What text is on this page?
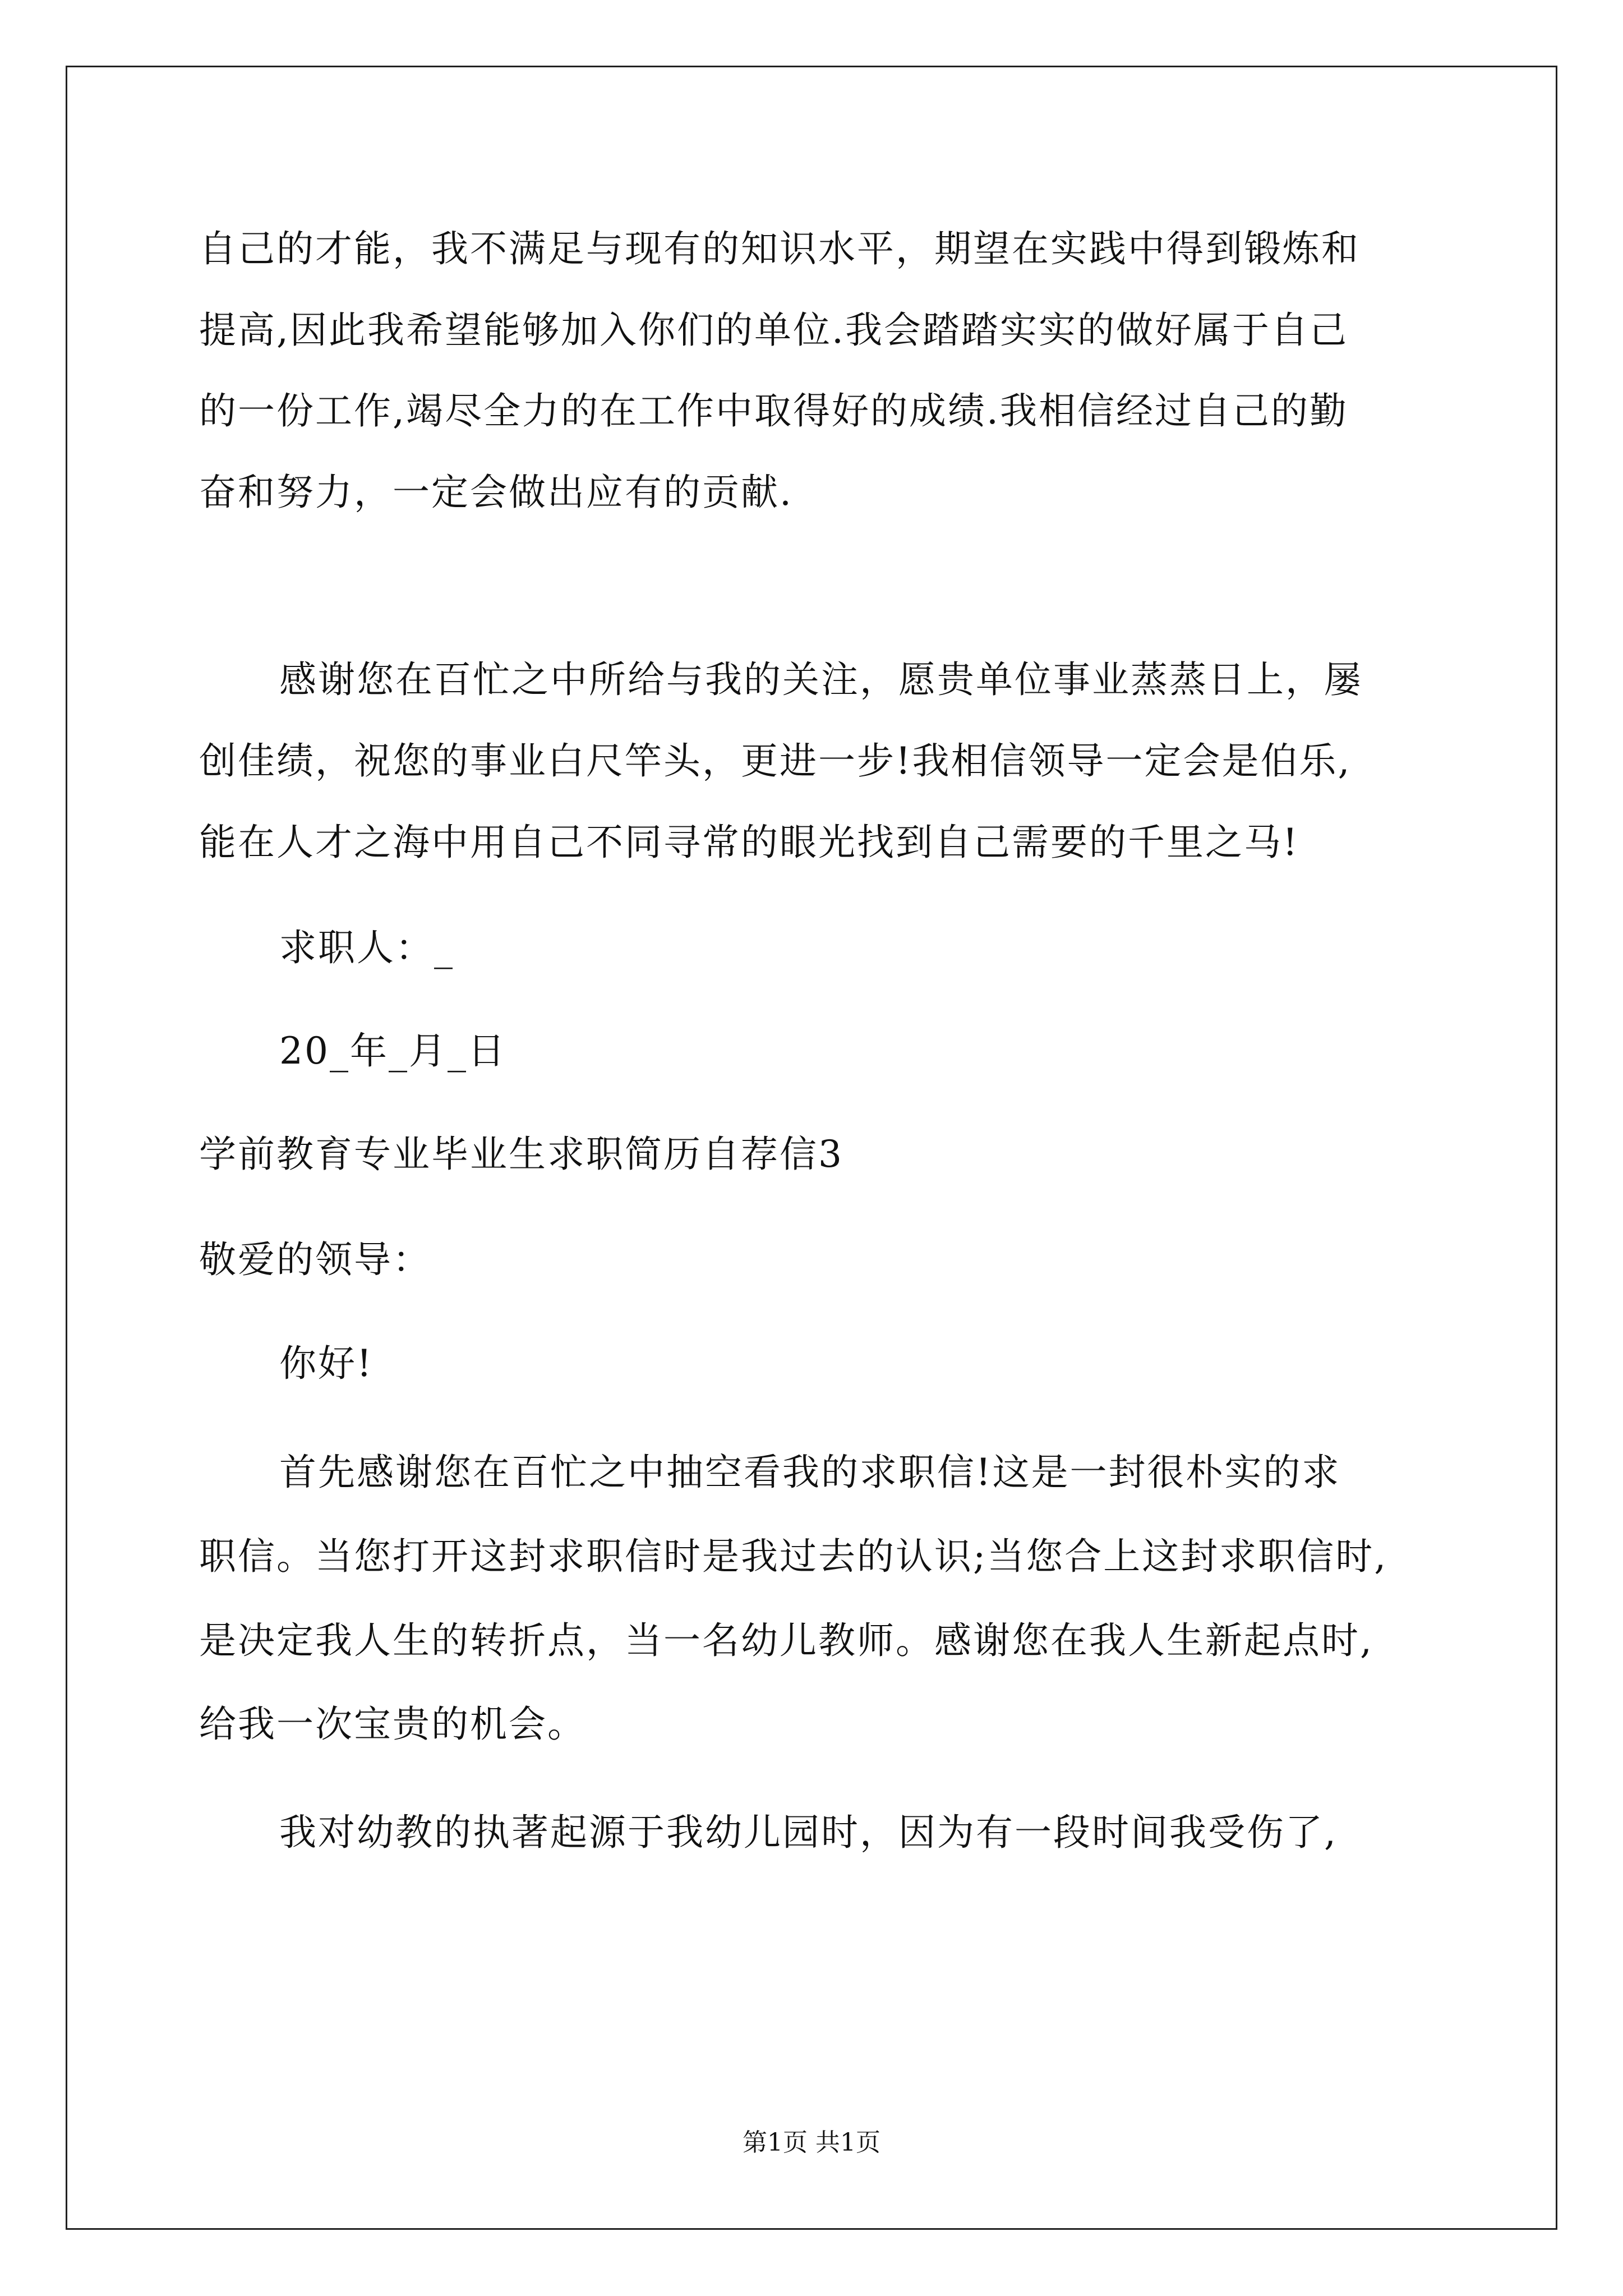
自己的才能，我不满足与现有的知识水平，期望在实践中得到锻炼和
提高,因此我希望能够加入你们的单位.我会踏踏实实的做好属于自己
的一份工作,竭尽全力的在工作中取得好的成绩.我相信经过自己的勤
奋和努力，一定会做出应有的贡献.
感谢您在百忙之中所给与我的关注，愿贵单位事业蒸蒸日上，屡
创佳绩，祝您的事业白尺竿头，更进一步!我相信领导一定会是伯乐,
能在人才之海中用自己不同寻常的眼光找到自己需要的千里之马!
求职人：_
20_年_月_日
学前教育专业毕业生求职简历自荐信3
敬爱的领导：
你好!
首先感谢您在百忙之中抽空看我的求职信!这是一封很朴实的求
职信。当您打开这封求职信时是我过去的认识;当您合上这封求职信时,
是决定我人生的转折点，当一名幼儿教师。感谢您在我人生新起点时,
给我一次宝贵的机会。
我对幼教的执著起源于我幼儿园时，因为有一段时间我受伤了,
第1页 共1页
